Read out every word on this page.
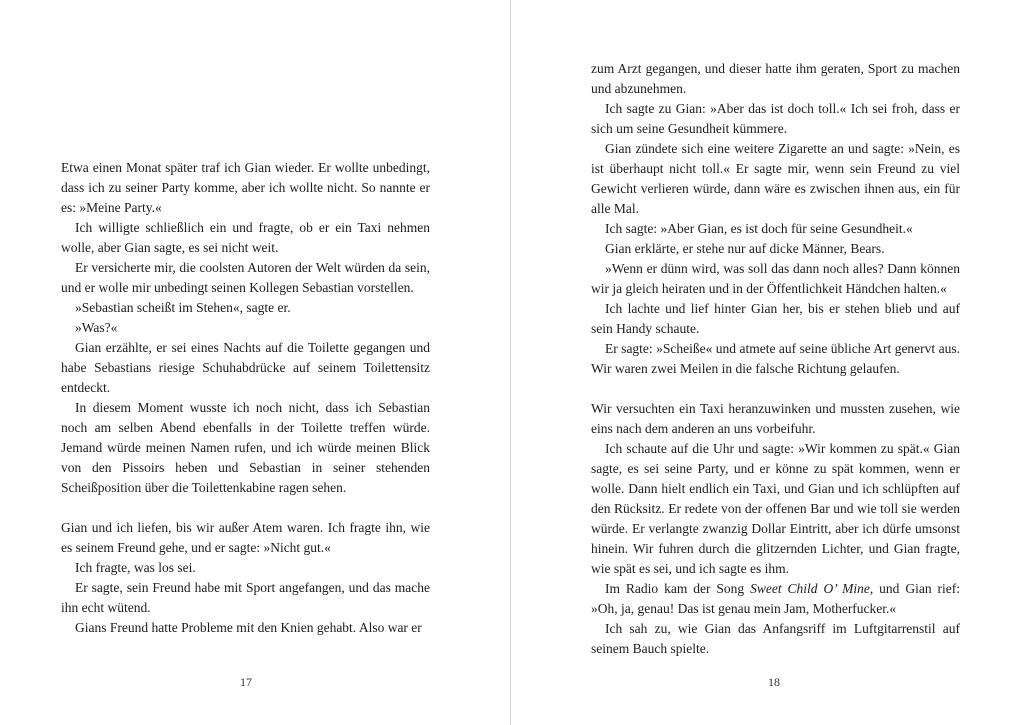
Etwa einen Monat später traf ich Gian wieder. Er wollte unbedingt, dass ich zu seiner Party komme, aber ich wollte nicht. So nannte er es: »Meine Party.«

Ich willigte schließlich ein und fragte, ob er ein Taxi nehmen wolle, aber Gian sagte, es sei nicht weit.

Er versicherte mir, die coolsten Autoren der Welt würden da sein, und er wolle mir unbedingt seinen Kollegen Sebastian vorstellen.

»Sebastian scheißt im Stehen«, sagte er.

»Was?«

Gian erzählte, er sei eines Nachts auf die Toilette gegangen und habe Sebastians riesige Schuhabdrücke auf seinem Toilettensitz entdeckt.

In diesem Moment wusste ich noch nicht, dass ich Sebastian noch am selben Abend ebenfalls in der Toilette treffen würde. Jemand würde meinen Namen rufen, und ich würde meinen Blick von den Pissoirs heben und Sebastian in seiner stehenden Scheißposition über die Toilettenkabine ragen sehen.

Gian und ich liefen, bis wir außer Atem waren. Ich fragte ihn, wie es seinem Freund gehe, und er sagte: »Nicht gut.«

Ich fragte, was los sei.

Er sagte, sein Freund habe mit Sport angefangen, und das mache ihn echt wütend.

Gians Freund hatte Probleme mit den Knien gehabt. Also war er

17

zum Arzt gegangen, und dieser hatte ihm geraten, Sport zu machen und abzunehmen.

Ich sagte zu Gian: »Aber das ist doch toll.« Ich sei froh, dass er sich um seine Gesundheit kümmere.

Gian zündete sich eine weitere Zigarette an und sagte: »Nein, es ist überhaupt nicht toll.« Er sagte mir, wenn sein Freund zu viel Gewicht verlieren würde, dann wäre es zwischen ihnen aus, ein für alle Mal.

Ich sagte: »Aber Gian, es ist doch für seine Gesundheit.«

Gian erklärte, er stehe nur auf dicke Männer, Bears.

»Wenn er dünn wird, was soll das dann noch alles? Dann können wir ja gleich heiraten und in der Öffentlichkeit Händchen halten.«

Ich lachte und lief hinter Gian her, bis er stehen blieb und auf sein Handy schaute.

Er sagte: »Scheiße« und atmete auf seine übliche Art genervt aus. Wir waren zwei Meilen in die falsche Richtung gelaufen.

Wir versuchten ein Taxi heranzuwinken und mussten zusehen, wie eins nach dem anderen an uns vorbeifuhr.

Ich schaute auf die Uhr und sagte: »Wir kommen zu spät.« Gian sagte, es sei seine Party, und er könne zu spät kommen, wenn er wolle. Dann hielt endlich ein Taxi, und Gian und ich schlüpften auf den Rücksitz. Er redete von der offenen Bar und wie toll sie werden würde. Er verlangte zwanzig Dollar Eintritt, aber ich dürfe umsonst hinein. Wir fuhren durch die glitzernden Lichter, und Gian fragte, wie spät es sei, und ich sagte es ihm.

Im Radio kam der Song Sweet Child O’ Mine, und Gian rief: »Oh, ja, genau! Das ist genau mein Jam, Motherfucker.«

Ich sah zu, wie Gian das Anfangsriff im Luftgitarrenstil auf seinem Bauch spielte.

18
